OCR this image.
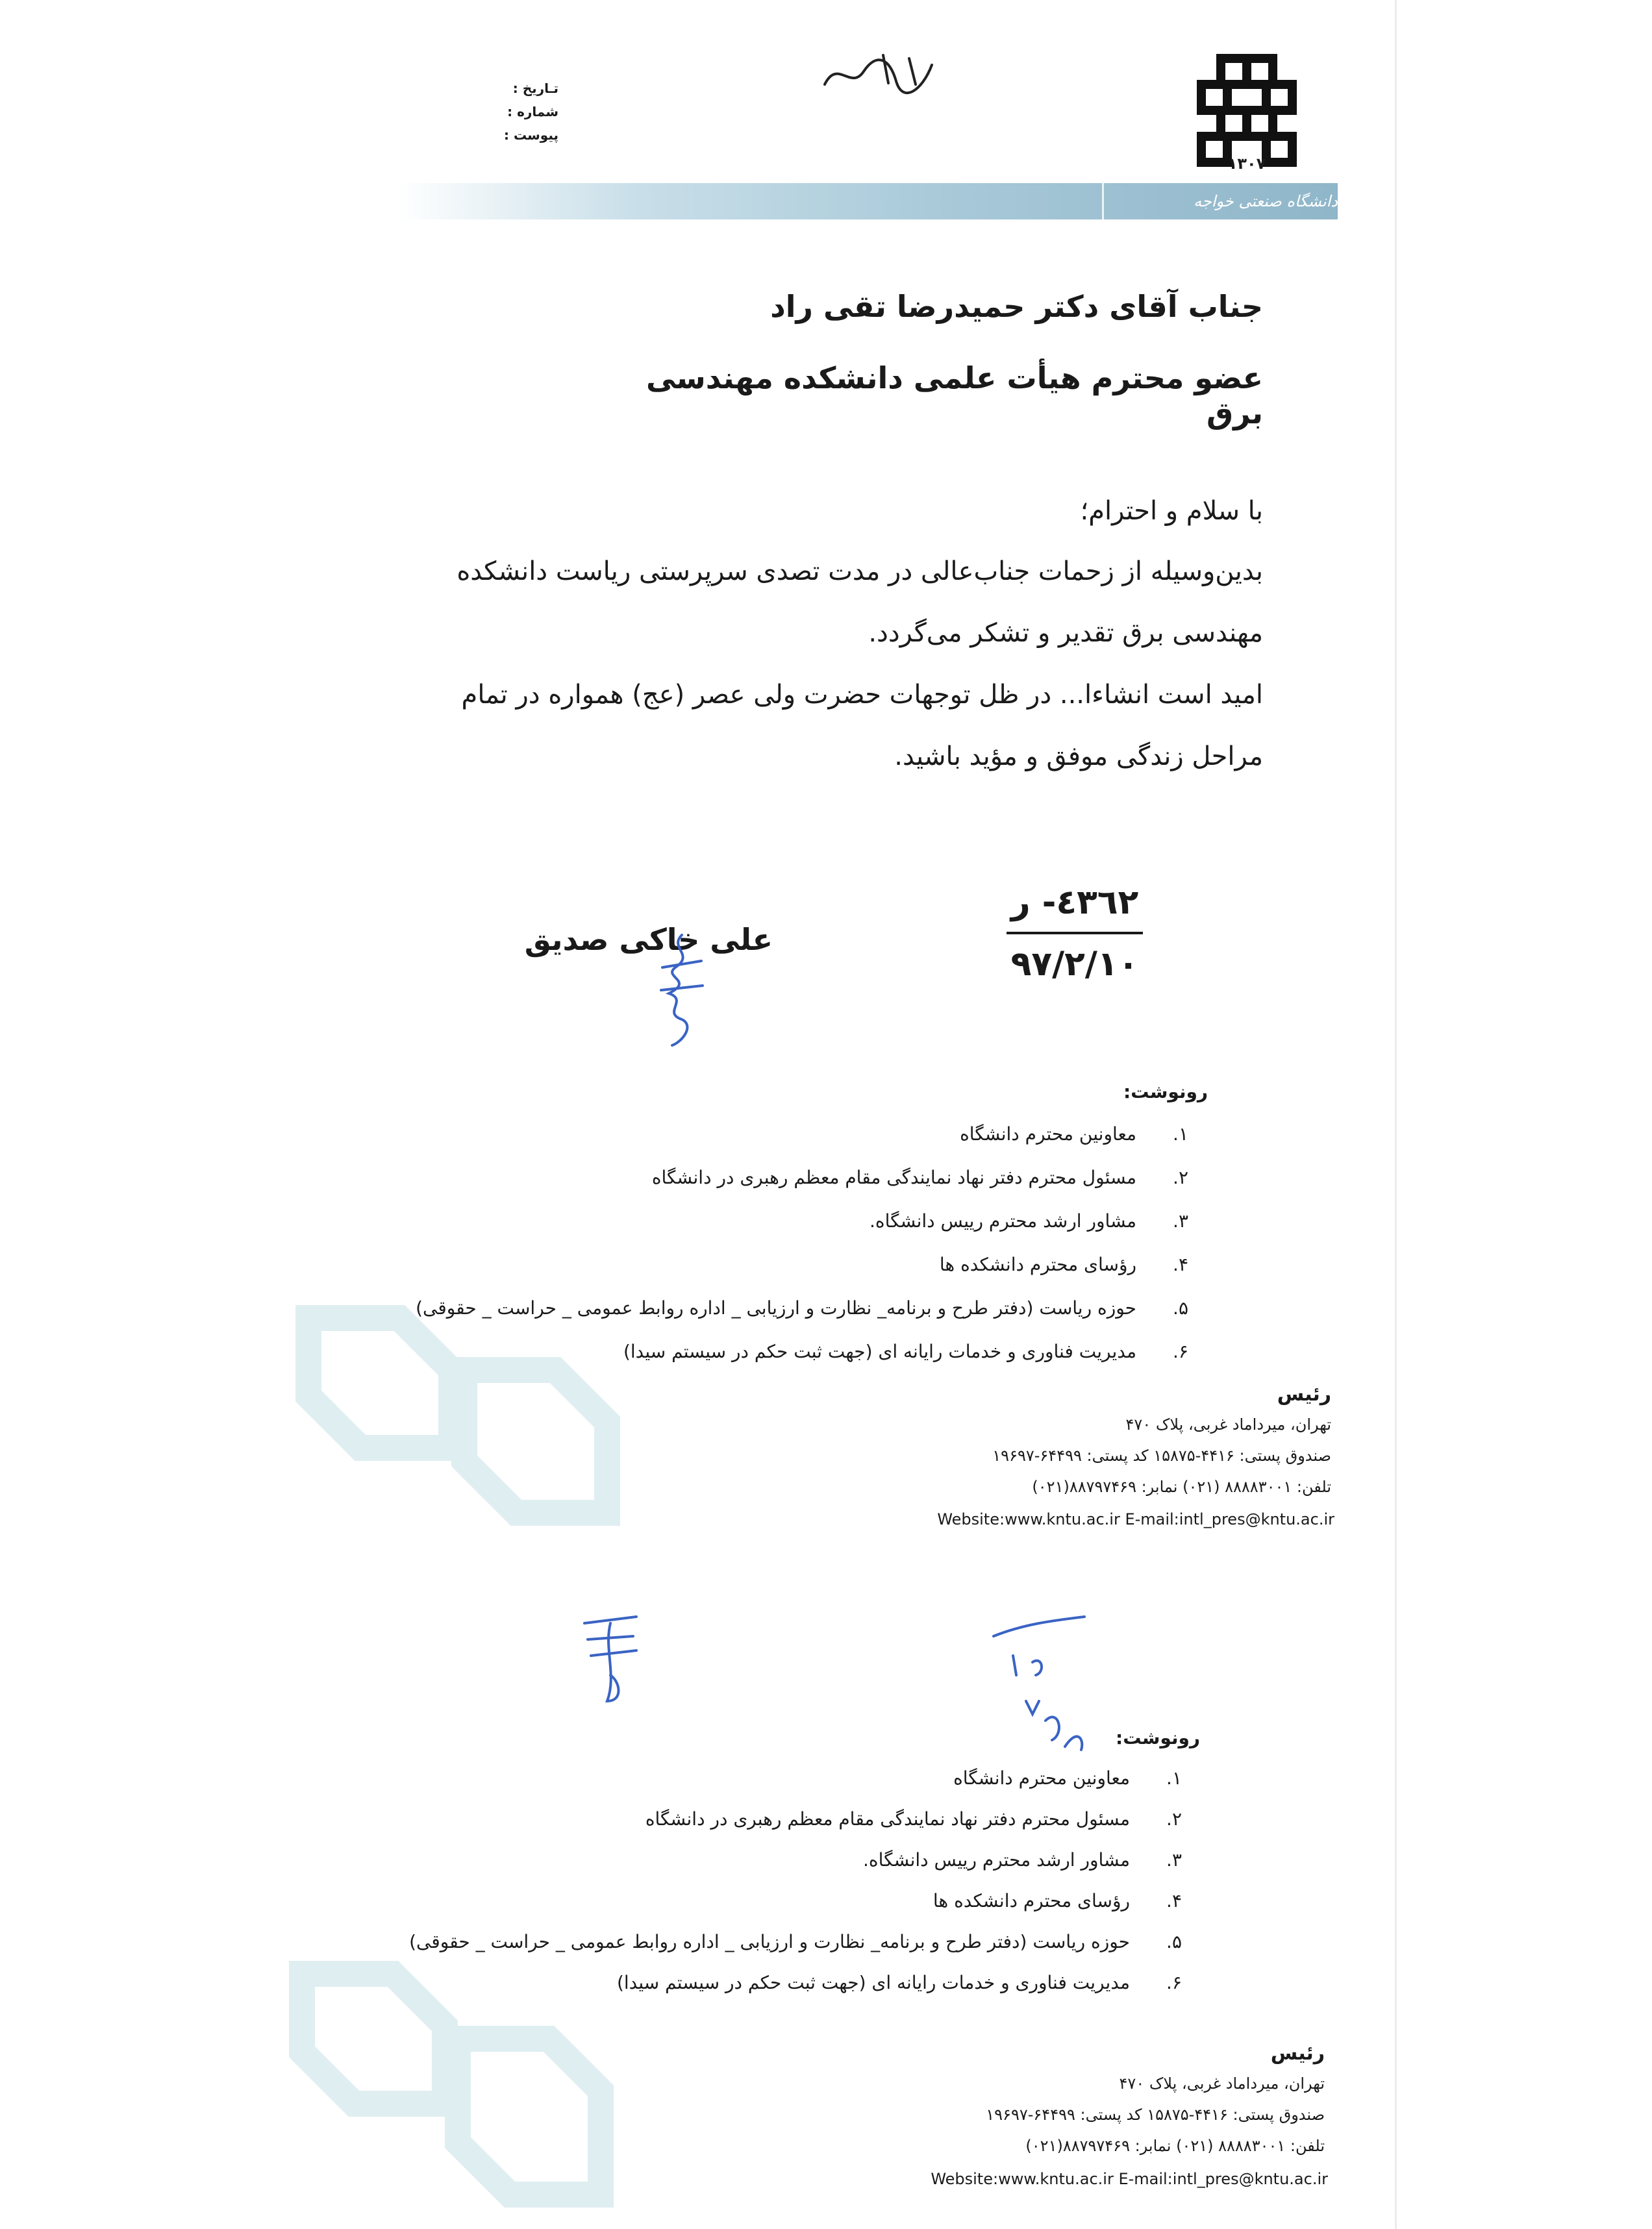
۱۳۰۷
تـاریخ :
شماره :
پیوست :
دانشگاه صنعتی خواجه نصیرالدین طوسی
جناب آقای دکتر حمیدرضا تقی راد
عضو محترم هیأت علمی دانشکده مهندسی برق
با سلام و احترام؛
بدین‌وسیله از زحمات جناب‌عالی در مدت تصدی سرپرستی ریاست دانشکده
مهندسی برق تقدیر و تشکر می‌گردد.
امید است انشاءا... در ظل توجهات حضرت ولی عصر (عج) همواره در تمام
مراحل زندگی موفق و مؤید باشید.
٤٣٦٢- ر
٩٧/٢/١٠
علی خاکی صدیق
رونوشت:
.۱
معاونین محترم دانشگاه
.۲
مسئول محترم دفتر نهاد نمایندگی مقام معظم رهبری در دانشگاه
.۳
مشاور ارشد محترم رییس دانشگاه.
.۴
رؤسای محترم دانشکده ها
.۵
حوزه ریاست (دفتر طرح و برنامه_ نظارت و ارزیابی _ اداره روابط عمومی _ حراست _ حقوقی)
.۶
مدیریت فناوری و خدمات رایانه ای (جهت ثبت حکم در سیستم سیدا)
رئیس
تهران، میرداماد غربی، پلاک ۴۷۰
صندوق پستی: ۴۴۱۶-۱۵۸۷۵ کد پستی: ۶۴۴۹۹-۱۹۶۹۷
تلفن: ۸۸۸۸۳۰۰۱ (۰۲۱) نمابر: ۸۸۷۹۷۴۶۹(۰۲۱)
Website:www.kntu.ac.ir E-mail:intl_pres@kntu.ac.ir
رونوشت:
.۱
معاونین محترم دانشگاه
.۲
مسئول محترم دفتر نهاد نمایندگی مقام معظم رهبری در دانشگاه
.۳
مشاور ارشد محترم رییس دانشگاه.
.۴
رؤسای محترم دانشکده ها
.۵
حوزه ریاست (دفتر طرح و برنامه_ نظارت و ارزیابی _ اداره روابط عمومی _ حراست _ حقوقی)
.۶
مدیریت فناوری و خدمات رایانه ای (جهت ثبت حکم در سیستم سیدا)
رئیس
تهران، میرداماد غربی، پلاک ۴۷۰
صندوق پستی: ۴۴۱۶-۱۵۸۷۵ کد پستی: ۶۴۴۹۹-۱۹۶۹۷
تلفن: ۸۸۸۸۳۰۰۱ (۰۲۱) نمابر: ۸۸۷۹۷۴۶۹(۰۲۱)
Website:www.kntu.ac.ir E-mail:intl_pres@kntu.ac.ir
